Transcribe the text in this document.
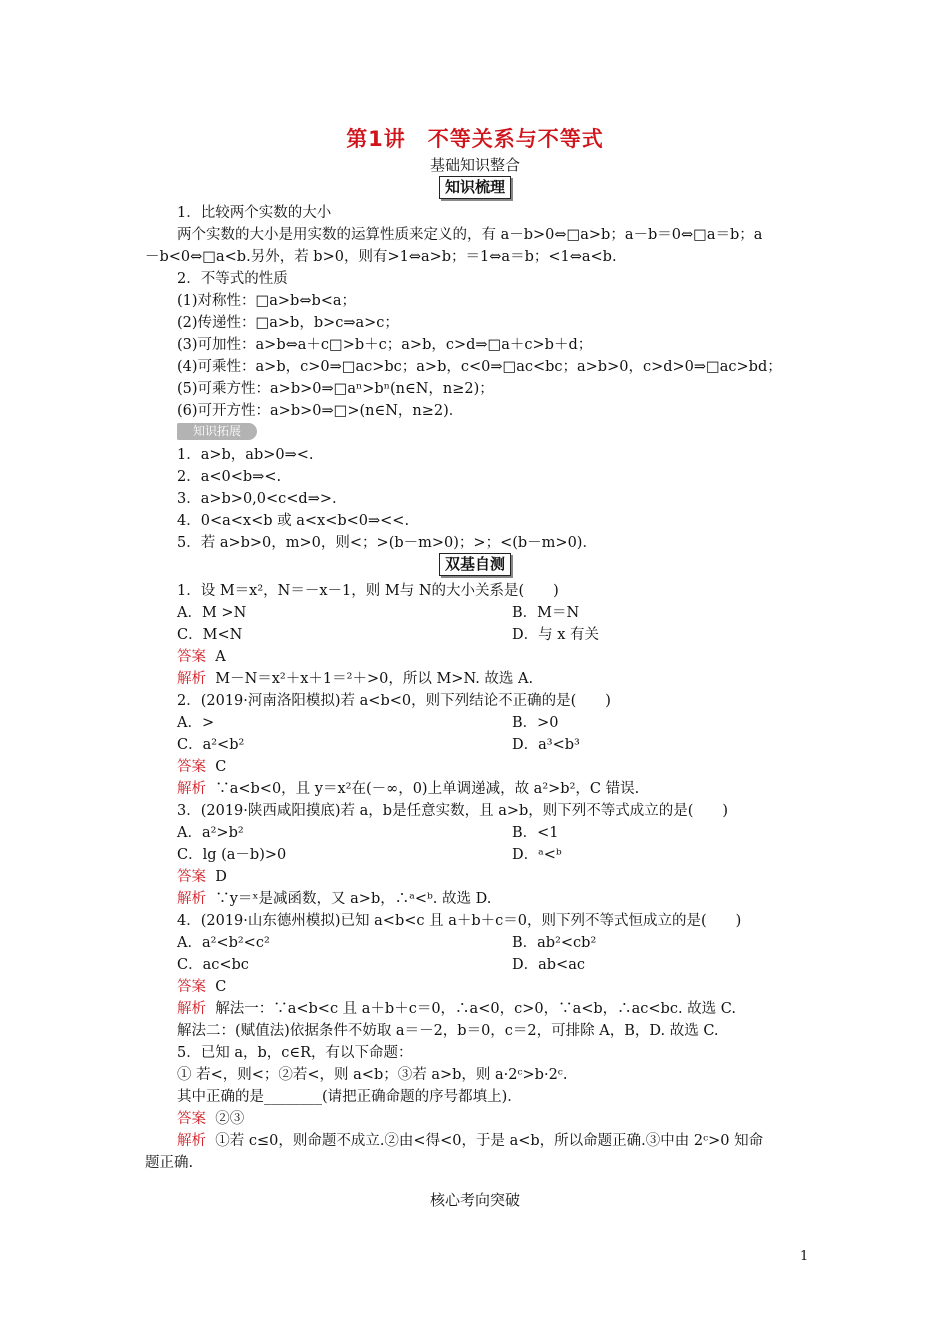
第1讲　不等关系与不等式
基础知识整合
知识梳理
1．比较两个实数的大小
两个实数的大小是用实数的运算性质来定义的，有 a－b>0⇔□a>b；a－b＝0⇔□a＝b；a
－b<0⇔□a<b.另外，若 b>0，则有>1⇔a>b；＝1⇔a＝b；<1⇔a<b.
2．不等式的性质
(1)对称性：□a>b⇔b<a；
(2)传递性：□a>b，b>c⇒a>c；
(3)可加性：a>b⇔a＋c□>b＋c；a>b，c>d⇒□a＋c>b＋d；
(4)可乘性：a>b，c>0⇒□ac>bc；a>b，c<0⇒□ac<bc；a>b>0，c>d>0⇒□ac>bd；
(5)可乘方性：a>b>0⇒□aⁿ>bⁿ(n∈N，n≥2)；
(6)可开方性：a>b>0⇒□>(n∈N，n≥2)．
知识拓展
1．a>b，ab>0⇒<.
2．a<0<b⇒<.
3．a>b>0,0<c<d⇒>.
4．0<a<x<b 或 a<x<b<0⇒<<.
5．若 a>b>0，m>0，则<；>(b－m>0)；>；<(b－m>0)．
双基自测
1．设 M＝x²，N＝－x－1，则 M与 N的大小关系是(　　)
A．M >N	B．M＝N
C．M<N	D．与 x 有关
答案 A
解析 M－N＝x²＋x＋1＝²＋>0，所以 M>N. 故选 A.
2．(2019·河南洛阳模拟)若 a<b<0，则下列结论不正确的是(　　)
A．>	B．>0
C．a²<b²	D．a³<b³
答案 C
解析 ∵a<b<0，且 y＝x²在(－∞，0)上单调递减，故 a²>b²，C 错误.
3．(2019·陕西咸阳摸底)若 a，b是任意实数，且 a>b，则下列不等式成立的是(　　)
A．a²>b²	B．<1
C．lg (a－b)>0	D．ᵃ<ᵇ
答案 D
解析 ∵y＝ˣ是减函数，又 a>b，∴ᵃ<ᵇ. 故选 D.
4．(2019·山东德州模拟)已知 a<b<c 且 a＋b＋c＝0，则下列不等式恒成立的是(　　)
A．a²<b²<c²	B．ab²<cb²
C．ac<bc	D．ab<ac
答案 C
解析 解法一：∵a<b<c 且 a＋b＋c＝0，∴a<0，c>0，∵a<b，∴ac<bc. 故选 C.
解法二：(赋值法)依据条件不妨取 a＝－2，b＝0，c＝2，可排除 A，B，D. 故选 C.
5．已知 a，b，c∈R，有以下命题：
① 若<，则<；②若<，则 a<b；③若 a>b，则 a·2ᶜ>b·2ᶜ.
其中正确的是________(请把正确命题的序号都填上)．
答案 ②③
解析 ①若 c≤0，则命题不成立.②由<得<0，于是 a<b，所以命题正确.③中由 2ᶜ>0 知命
题正确.
核心考向突破
1
